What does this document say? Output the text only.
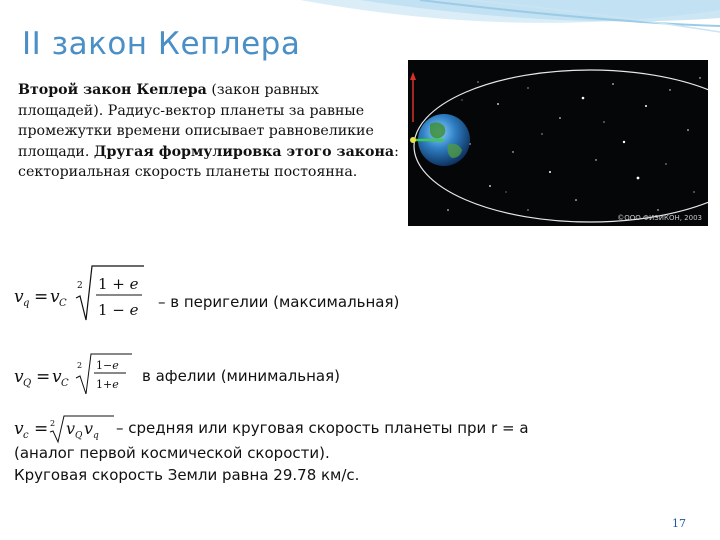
II закон Кеплера
Второй закон Кеплера (закон равных площадей). Радиус-вектор планеты за равные промежутки времени описывает равновеликие площади. Другая формулировка этого закона: секториальная скорость планеты постоянна.
©ООО ФИЗИКОН, 2003
v q = v C
2 1 + e
1 − e – в перигелии (максимальная)
v Q = v C
2 1−e
1+e в афелии (минимальная)
v c = 2 v Q v q – средняя или круговая скорость планеты при r = a
(аналог первой космической скорости).
Круговая скорость Земли равна 29.78 км/с.
17
